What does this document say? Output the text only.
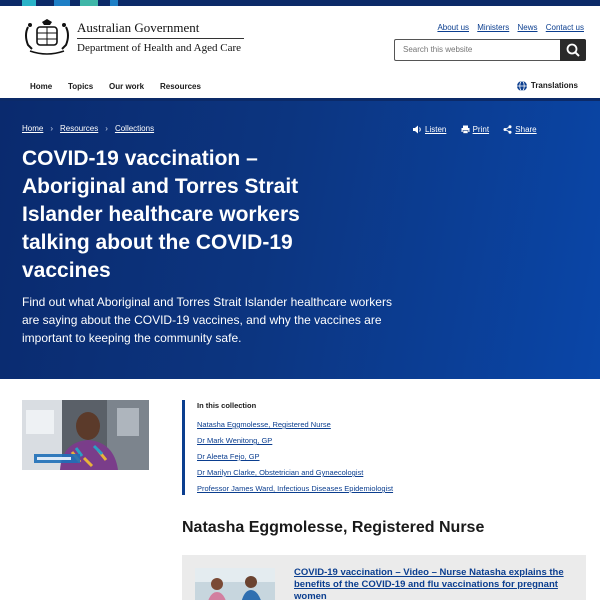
Australian Government
Department of Health and Aged Care
About us Ministers News Contact us
Search this website
Home Topics Our work Resources	Translations
Home › Resources › Collections	Listen	Print	Share
COVID-19 vaccination – Aboriginal and Torres Strait Islander healthcare workers talking about the COVID-19 vaccines

Find out what Aboriginal and Torres Strait Islander healthcare workers are saying about the COVID-19 vaccines, and why the vaccines are important to keeping the community safe.

In this collection
Natasha Eggmolesse, Registered Nurse
Dr Mark Wenitong, GP
Dr Aleeta Fejo, GP
Dr Marilyn Clarke, Obstetrician and Gynaecologist
Professor James Ward, Infectious Diseases Epidemiologist
Natasha Eggmolesse, Registered Nurse
COVID-19 vaccination – Video – Nurse Natasha explains the benefits of the COVID-19 and flu vaccinations for pregnant women
